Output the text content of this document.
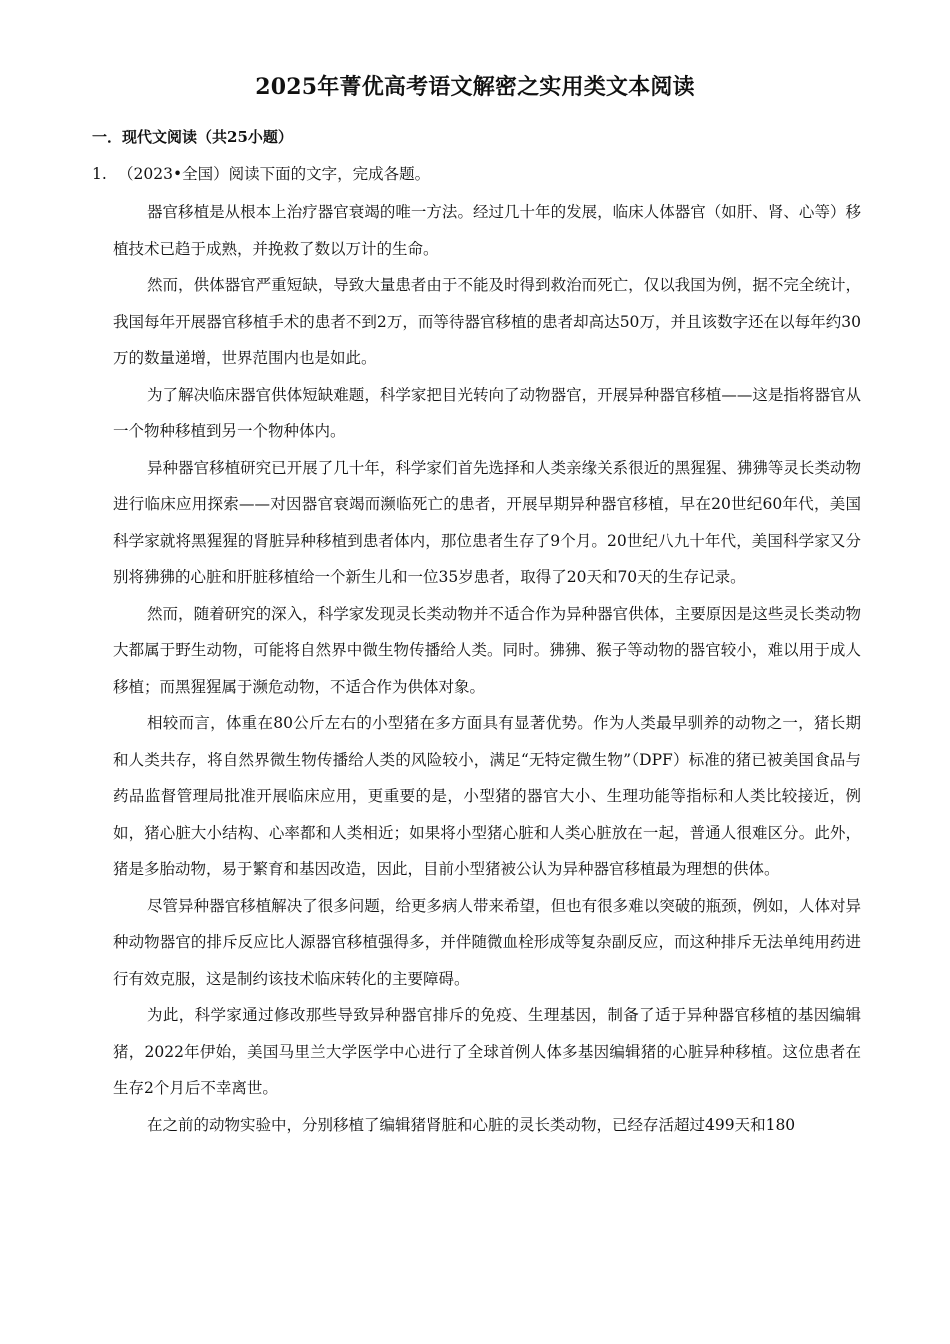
2025年菁优高考语文解密之实用类文本阅读
一．现代文阅读（共25小题）
1. （2023•全国）阅读下面的文字，完成各题。

器官移植是从根本上治疗器官衰竭的唯一方法。经过几十年的发展，临床人体器官（如肝、肾、心等）移植技术已趋于成熟，并挽救了数以万计的生命。

然而，供体器官严重短缺，导致大量患者由于不能及时得到救治而死亡，仅以我国为例，据不完全统计，我国每年开展器官移植手术的患者不到2万，而等待器官移植的患者却高达50万，并且该数字还在以每年约30万的数量递增，世界范围内也是如此。

为了解决临床器官供体短缺难题，科学家把目光转向了动物器官，开展异种器官移植——这是指将器官从一个物种移植到另一个物种体内。

异种器官移植研究已开展了几十年，科学家们首先选择和人类亲缘关系很近的黑猩猩、狒狒等灵长类动物进行临床应用探索——对因器官衰竭而濒临死亡的患者，开展早期异种器官移植，早在20世纪60年代，美国科学家就将黑猩猩的肾脏异种移植到患者体内，那位患者生存了9个月。20世纪八九十年代，美国科学家又分别将狒狒的心脏和肝脏移植给一个新生儿和一位35岁患者，取得了20天和70天的生存记录。

然而，随着研究的深入，科学家发现灵长类动物并不适合作为异种器官供体，主要原因是这些灵长类动物大都属于野生动物，可能将自然界中微生物传播给人类。同时。狒狒、猴子等动物的器官较小，难以用于成人移植；而黑猩猩属于濒危动物，不适合作为供体对象。

相较而言，体重在80公斤左右的小型猪在多方面具有显著优势。作为人类最早驯养的动物之一，猪长期和人类共存，将自然界微生物传播给人类的风险较小，满足“无特定微生物”（DPF）标准的猪已被美国食品与药品监督管理局批准开展临床应用，更重要的是，小型猪的器官大小、生理功能等指标和人类比较接近，例如，猪心脏大小结构、心率都和人类相近；如果将小型猪心脏和人类心脏放在一起，普通人很难区分。此外，猪是多胎动物，易于繁育和基因改造，因此，目前小型猪被公认为异种器官移植最为理想的供体。

尽管异种器官移植解决了很多问题，给更多病人带来希望，但也有很多难以突破的瓶颈，例如，人体对异种动物器官的排斥反应比人源器官移植强得多，并伴随微血栓形成等复杂副反应，而这种排斥无法单纯用药进行有效克服，这是制约该技术临床转化的主要障碍。

为此，科学家通过修改那些导致异种器官排斥的免疫、生理基因，制备了适于异种器官移植的基因编辑猪，2022年伊始，美国马里兰大学医学中心进行了全球首例人体多基因编辑猪的心脏异种移植。这位患者在生存2个月后不幸离世。

在之前的动物实验中，分别移植了编辑猪肾脏和心脏的灵长类动物，已经存活超过499天和180
